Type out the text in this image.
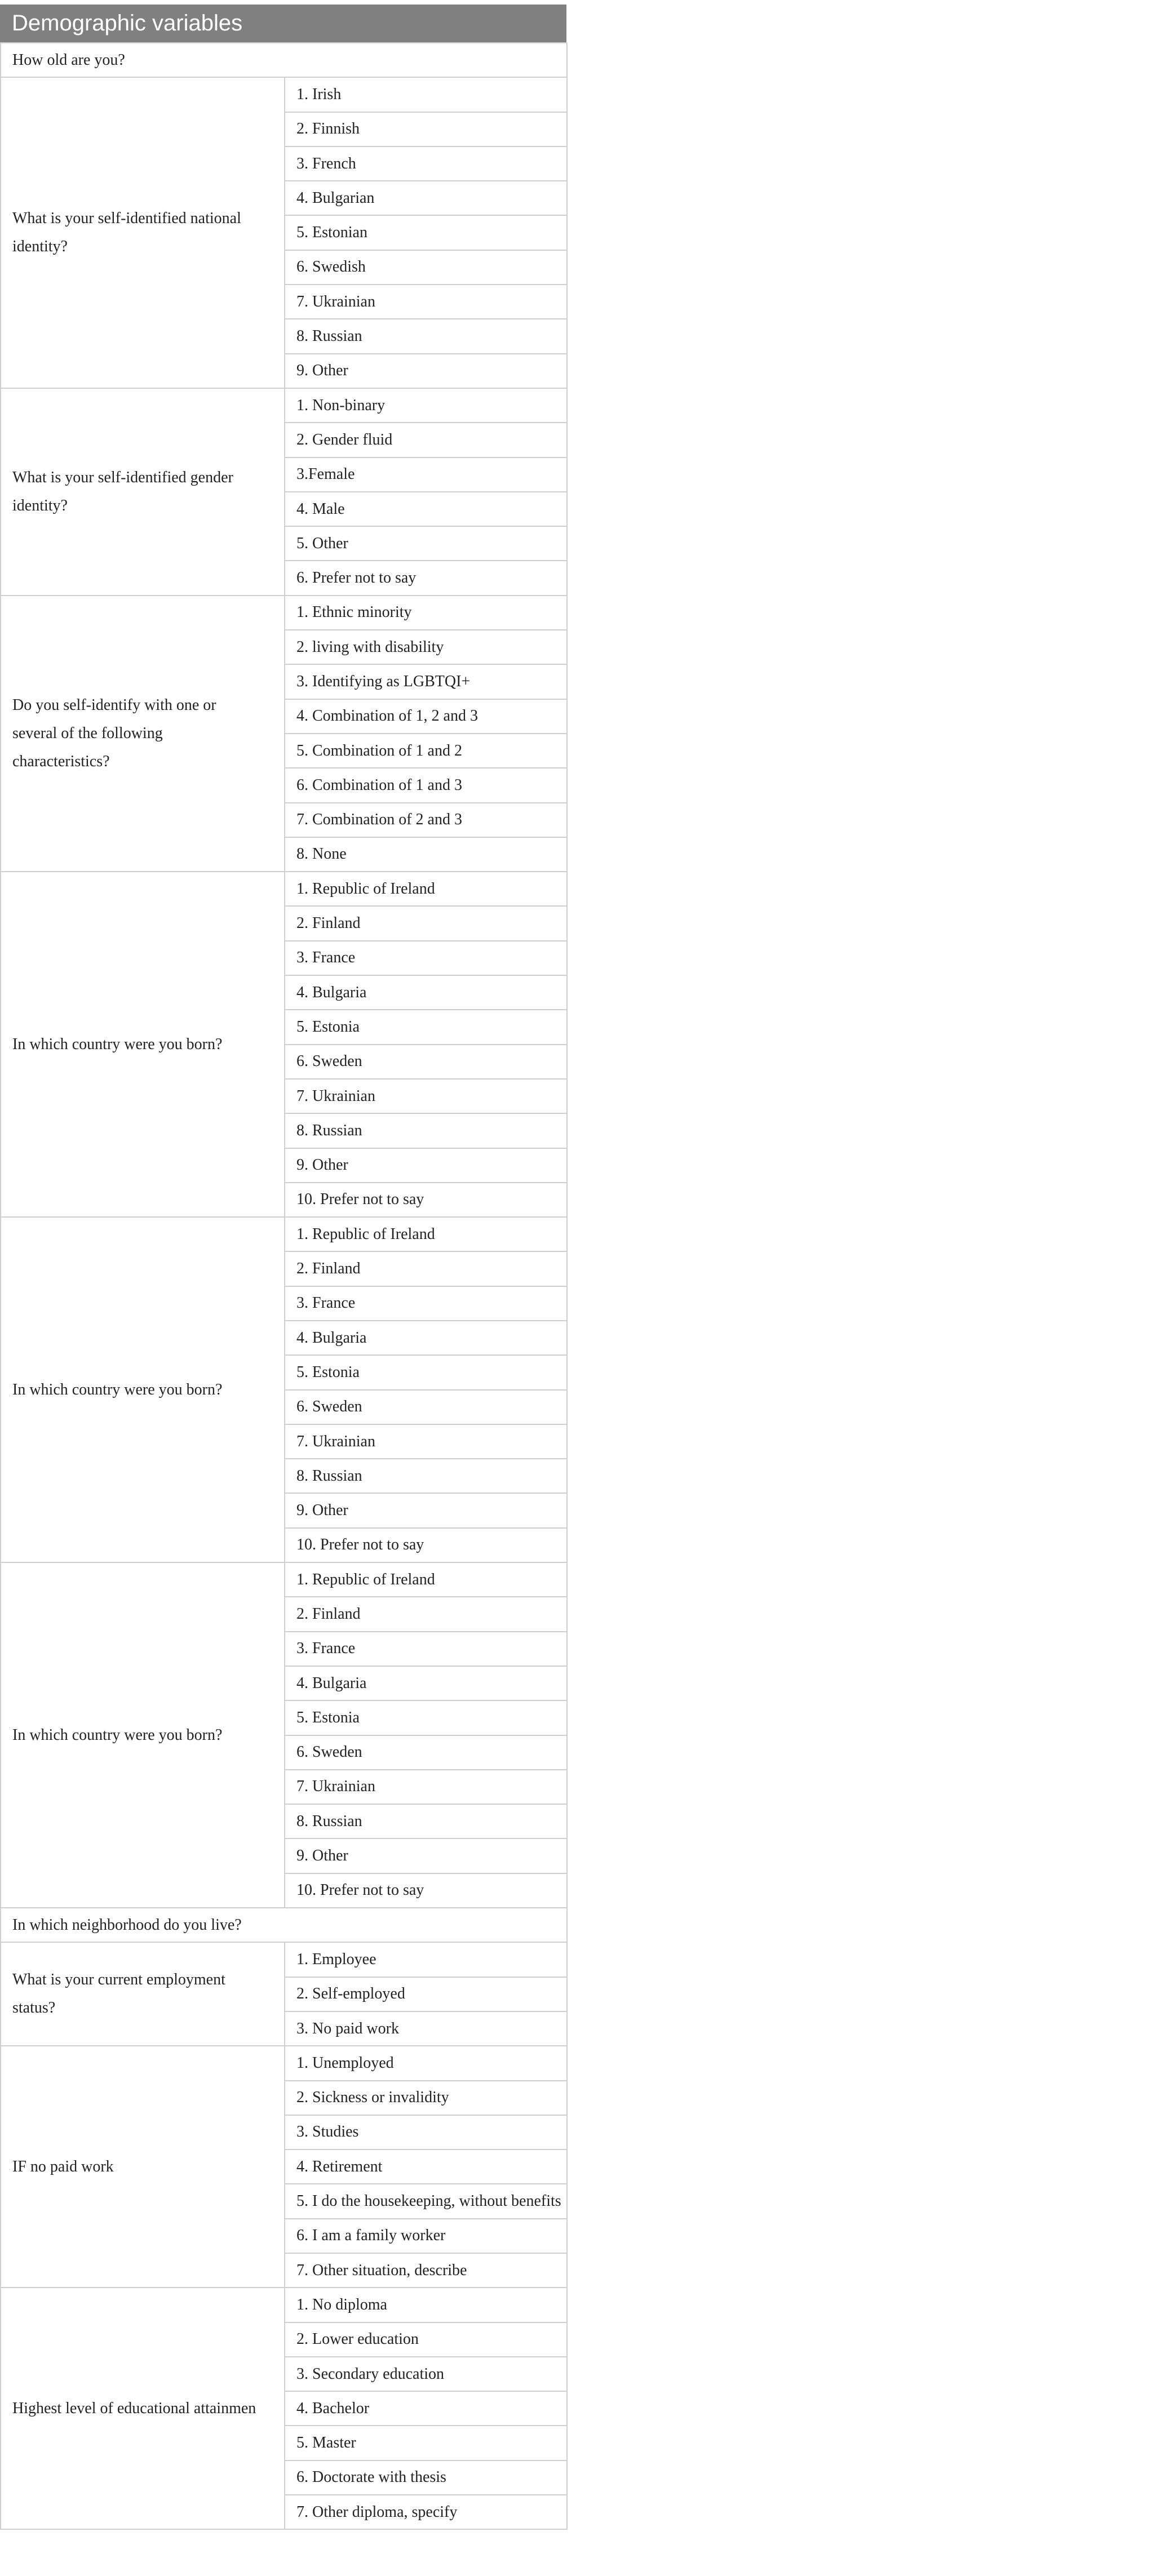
Demographic variables
How old are you?	
What is your self-identified national identity?	1. Irish
	2. Finnish
	3. French
	4. Bulgarian
	5. Estonian
	6. Swedish
	7. Ukrainian
	8. Russian
	9. Other
What is your self-identified gender identity?	1. Non-binary
	2. Gender fluid
	3.Female
	4. Male
	5. Other
	6. Prefer not to say
Do you self-identify with one or several of the following characteristics?	1. Ethnic minority
	2. living with disability
	3. Identifying as LGBTQI+
	4. Combination of 1, 2 and 3
	5. Combination of 1 and 2
	6. Combination of 1 and 3
	7. Combination of 2 and 3
	8. None
In which country were you born?	1. Republic of Ireland
	2. Finland
	3. France
	4. Bulgaria
	5. Estonia
	6. Sweden
	7. Ukrainian
	8. Russian
	9. Other
	10. Prefer not to say
In which country were you born?	1. Republic of Ireland
	2. Finland
	3. France
	4. Bulgaria
	5. Estonia
	6. Sweden
	7. Ukrainian
	8. Russian
	9. Other
	10. Prefer not to say
In which country were you born?	1. Republic of Ireland
	2. Finland
	3. France
	4. Bulgaria
	5. Estonia
	6. Sweden
	7. Ukrainian
	8. Russian
	9. Other
	10. Prefer not to say
In which neighborhood do you live?	
What is your current employment status?	1. Employee
	2. Self-employed
	3. No paid work
IF no paid work	1. Unemployed
	2. Sickness or invalidity
	3. Studies
	4. Retirement
	5. I do the housekeeping, without benefits
	6. I am a family worker
	7. Other situation, describe
Highest level of educational attainmen	1. No diploma
	2. Lower education
	3. Secondary education
	4. Bachelor
	5. Master
	6. Doctorate with thesis
	7. Other diploma, specify
